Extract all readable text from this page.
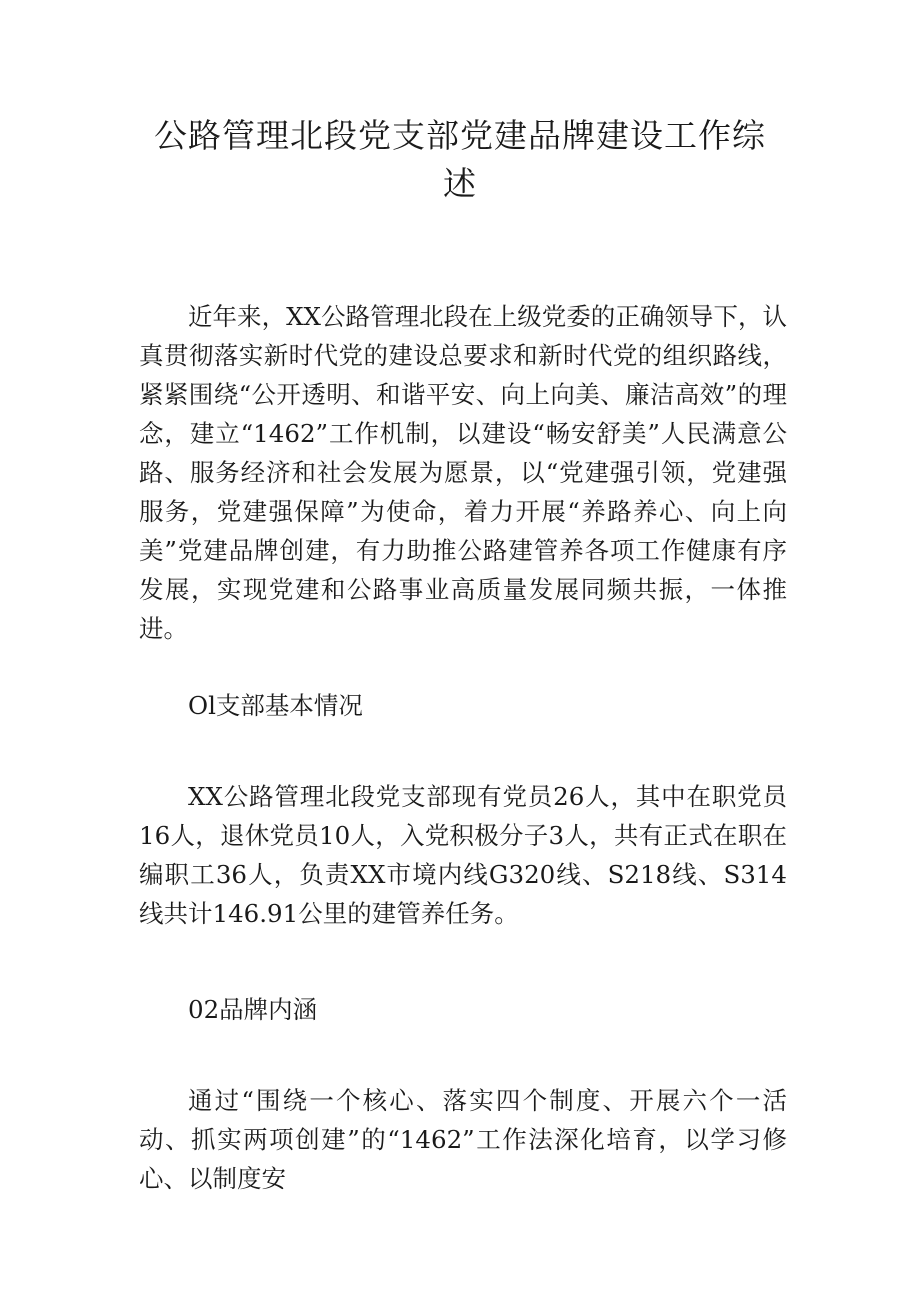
公路管理北段党支部党建品牌建设工作综述

近年来，XX公路管理北段在上级党委的正确领导下，认真贯彻落实新时代党的建设总要求和新时代党的组织路线，紧紧围绕“公开透明、和谐平安、向上向美、廉洁高效”的理念，建立“1462”工作机制，以建设“畅安舒美”人民满意公路、服务经济和社会发展为愿景，以“党建强引领，党建强服务，党建强保障”为使命，着力开展“养路养心、向上向美”党建品牌创建，有力助推公路建管养各项工作健康有序发展，实现党建和公路事业高质量发展同频共振，一体推进。

Ol支部基本情况

XX公路管理北段党支部现有党员26人，其中在职党员16人，退休党员10人，入党积极分子3人，共有正式在职在编职工36人，负责XX市境内线G320线、S218线、S314线共计146.91公里的建管养任务。

02品牌内涵

通过“围绕一个核心、落实四个制度、开展六个一活动、抓实两项创建”的“1462”工作法深化培育，以学习修心、以制度安
